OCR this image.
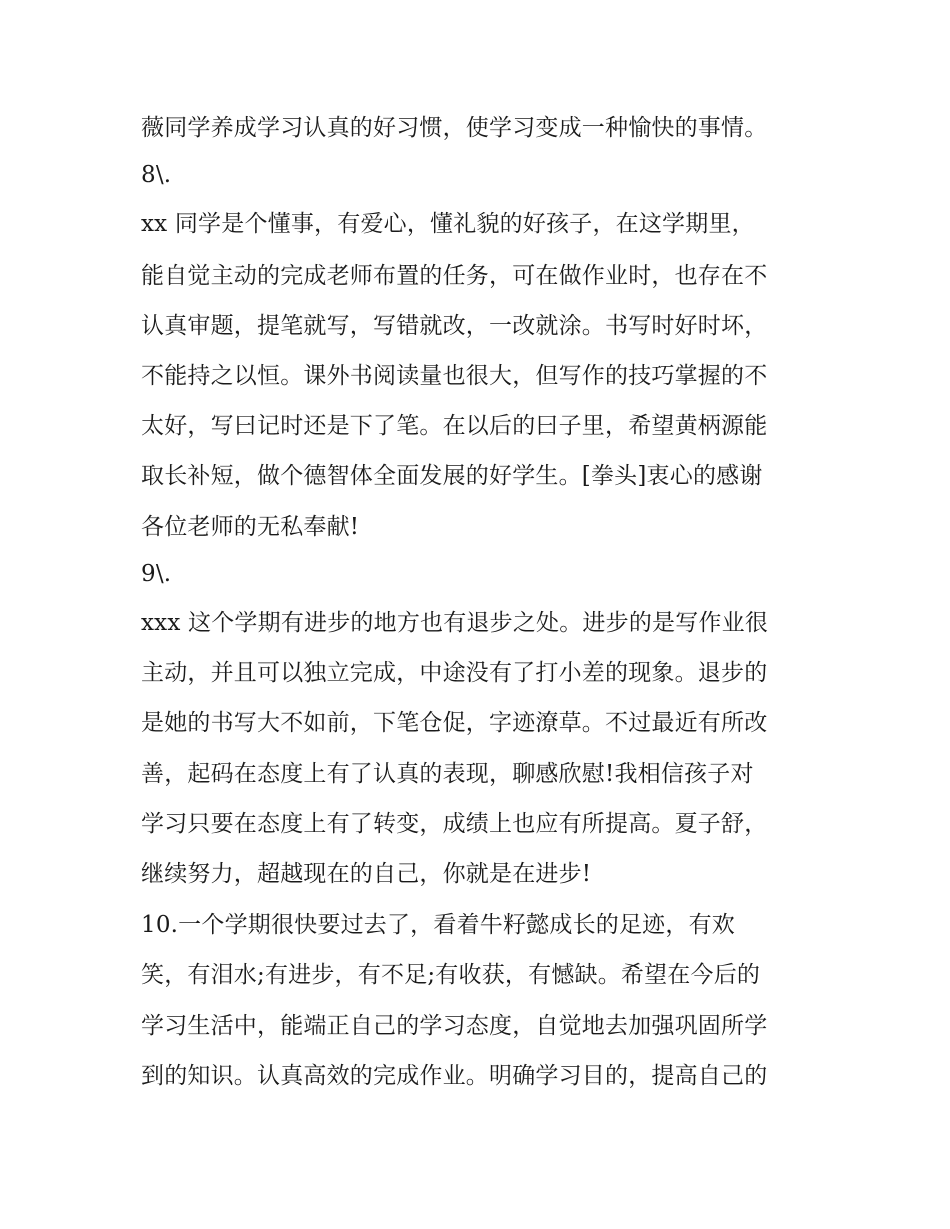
薇同学养成学习认真的好习惯，使学习变成一种愉快的事情。
8\.
xx 同学是个懂事，有爱心，懂礼貌的好孩子，在这学期里，
能自觉主动的完成老师布置的任务，可在做作业时，也存在不
认真审题，提笔就写，写错就改，一改就涂。书写时好时坏，
不能持之以恒。课外书阅读量也很大，但写作的技巧掌握的不
太好，写曰记时还是下了笔。在以后的曰子里，希望黄柄源能
取长补短，做个德智体全面发展的好学生。[拳头]衷心的感谢
各位老师的无私奉献!
9\.
xxx 这个学期有进步的地方也有退步之处。进步的是写作业很
主动，并且可以独立完成，中途没有了打小差的现象。退步的
是她的书写大不如前，下笔仓促，字迹潦草。不过最近有所改
善，起码在态度上有了认真的表现，聊感欣慰!我相信孩子对
学习只要在态度上有了转变，成绩上也应有所提高。夏子舒，
继续努力，超越现在的自己，你就是在进步!
10.一个学期很快要过去了，看着牛籽懿成长的足迹，有欢
笑，有泪水;有进步，有不足;有收获，有憾缺。希望在今后的
学习生活中，能端正自己的学习态度，自觉地去加强巩固所学
到的知识。认真高效的完成作业。明确学习目的，提高自己的
